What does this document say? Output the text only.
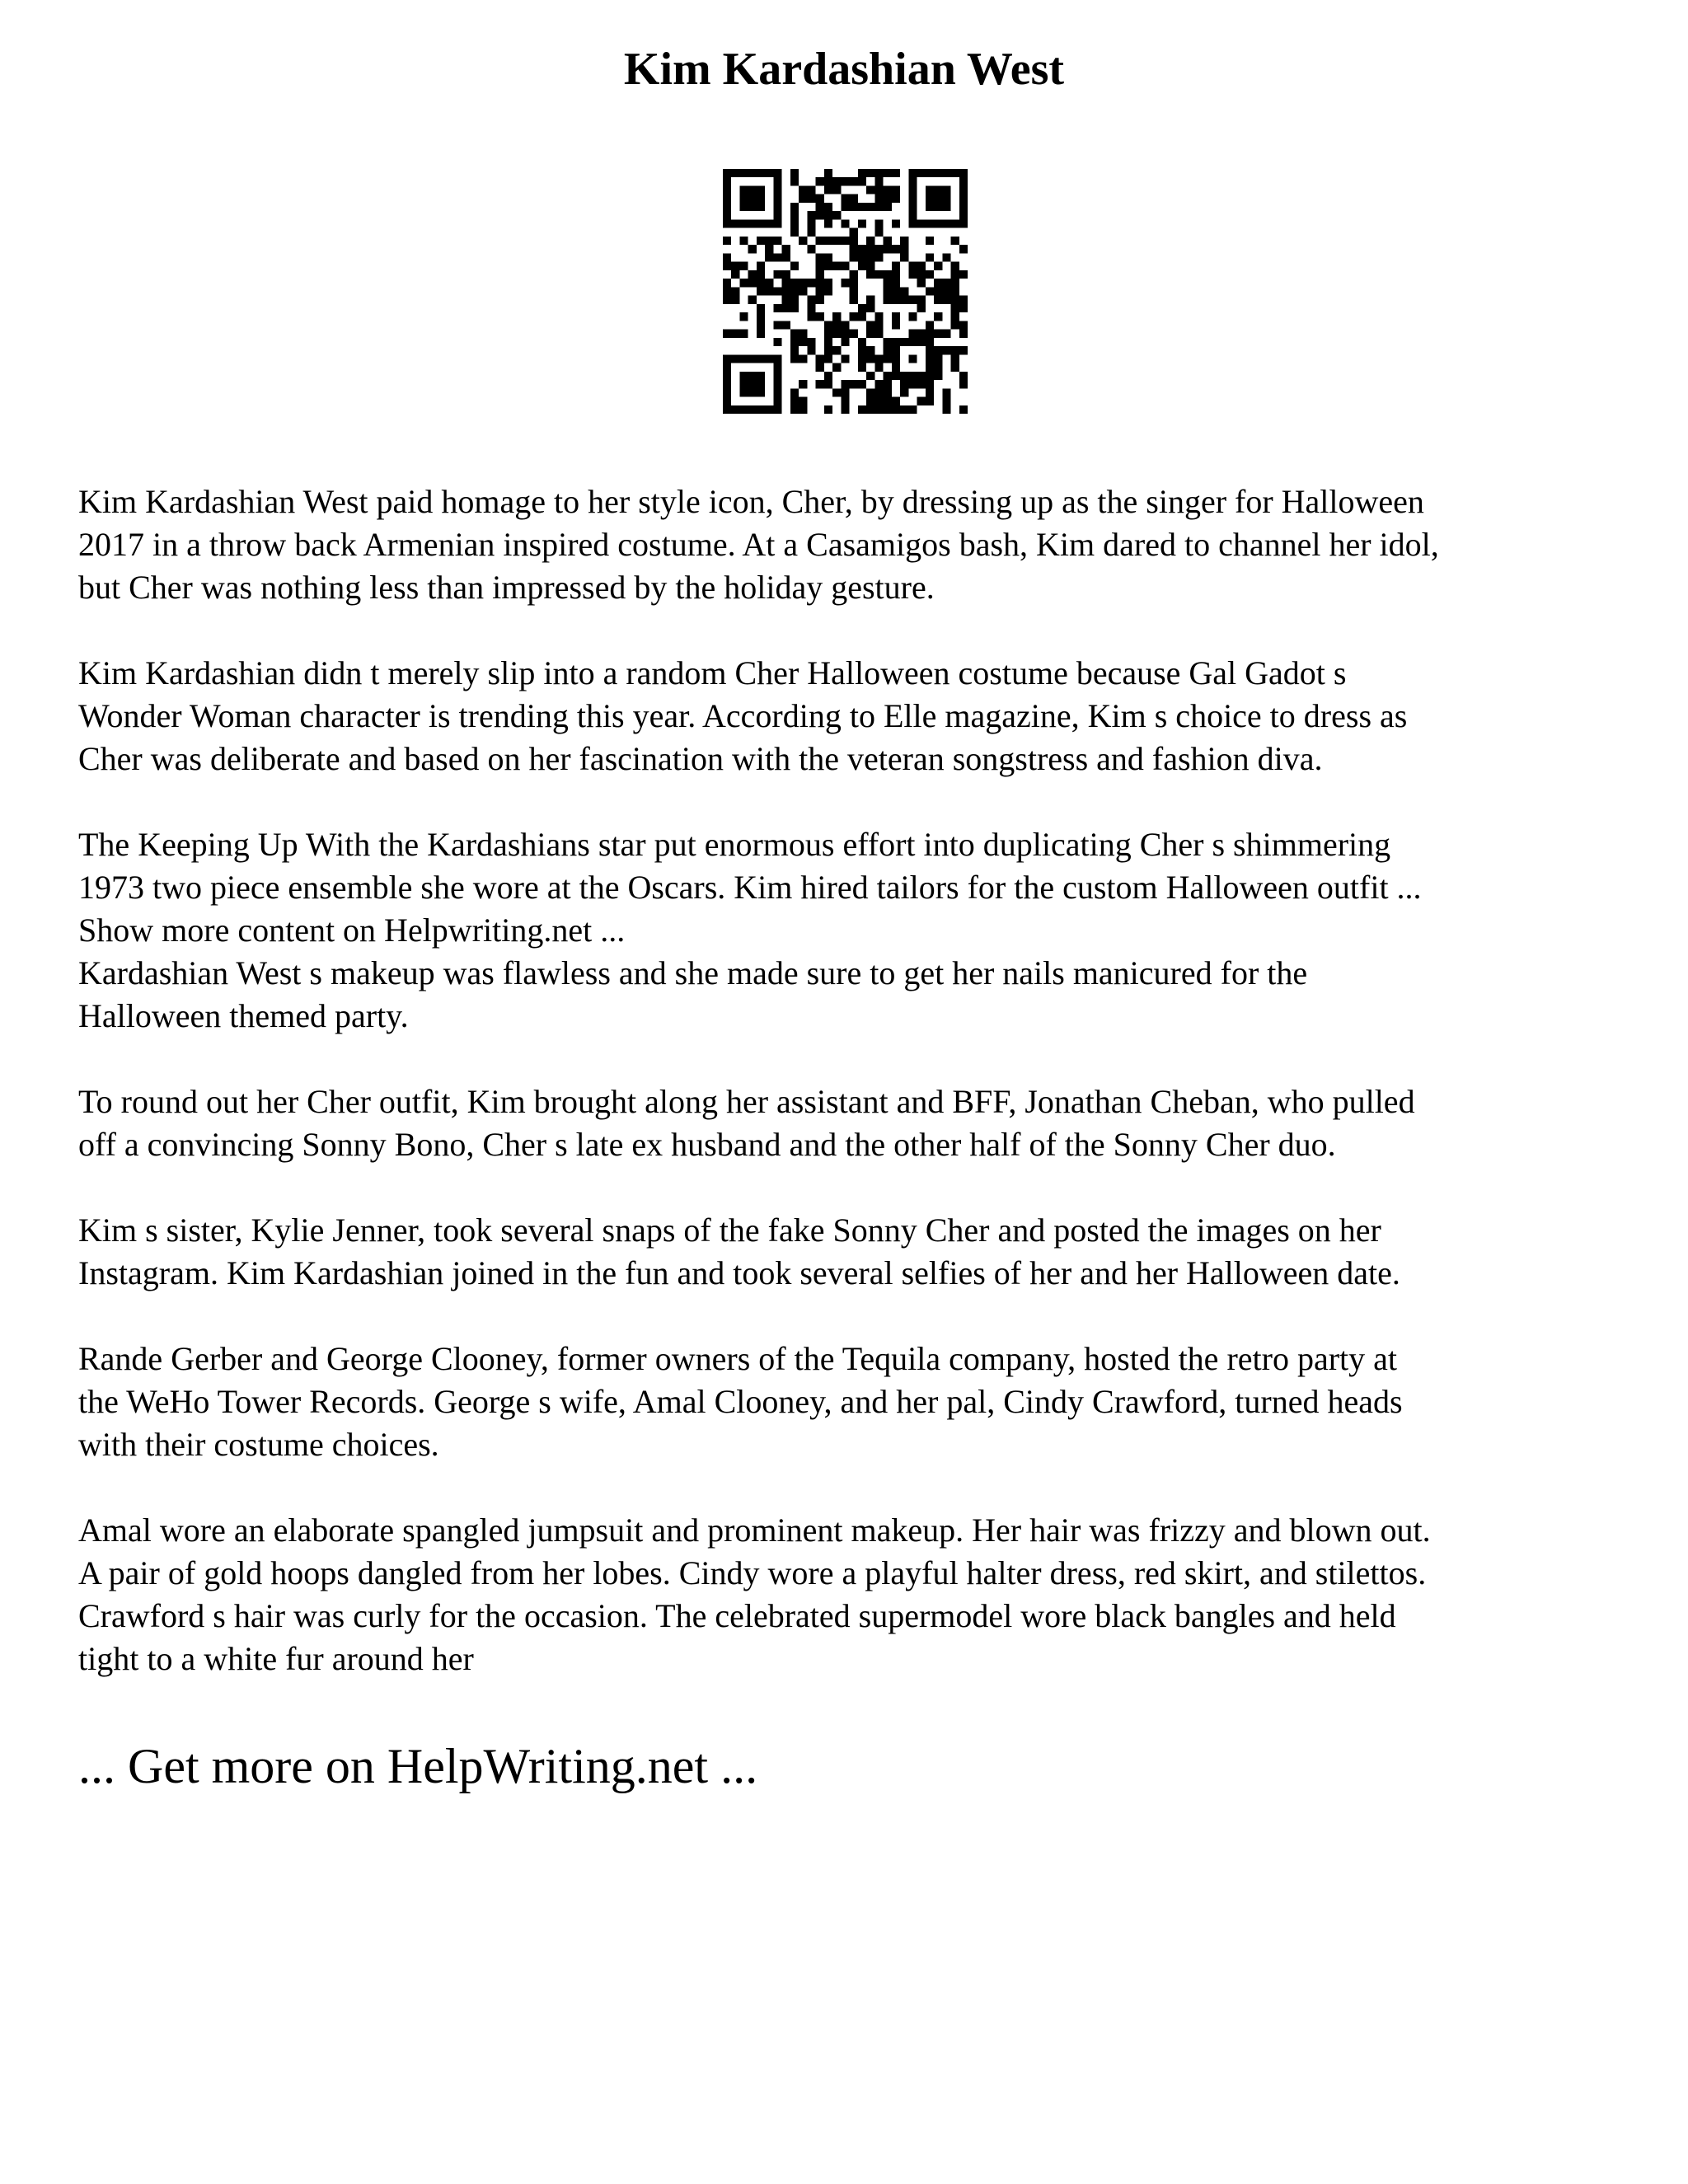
Kim Kardashian West

Kim Kardashian West paid homage to her style icon, Cher, by dressing up as the singer for Halloween
2017 in a throw back Armenian inspired costume. At a Casamigos bash, Kim dared to channel her idol,
but Cher was nothing less than impressed by the holiday gesture.

Kim Kardashian didn t merely slip into a random Cher Halloween costume because Gal Gadot s
Wonder Woman character is trending this year. According to Elle magazine, Kim s choice to dress as
Cher was deliberate and based on her fascination with the veteran songstress and fashion diva.

The Keeping Up With the Kardashians star put enormous effort into duplicating Cher s shimmering
1973 two piece ensemble she wore at the Oscars. Kim hired tailors for the custom Halloween outfit ...
Show more content on Helpwriting.net ...

Kardashian West s makeup was flawless and she made sure to get her nails manicured for the
Halloween themed party.

To round out her Cher outfit, Kim brought along her assistant and BFF, Jonathan Cheban, who pulled
off a convincing Sonny Bono, Cher s late ex husband and the other half of the Sonny Cher duo.

Kim s sister, Kylie Jenner, took several snaps of the fake Sonny Cher and posted the images on her
Instagram. Kim Kardashian joined in the fun and took several selfies of her and her Halloween date.

Rande Gerber and George Clooney, former owners of the Tequila company, hosted the retro party at
the WeHo Tower Records. George s wife, Amal Clooney, and her pal, Cindy Crawford, turned heads
with their costume choices.

Amal wore an elaborate spangled jumpsuit and prominent makeup. Her hair was frizzy and blown out.
A pair of gold hoops dangled from her lobes. Cindy wore a playful halter dress, red skirt, and stilettos.
Crawford s hair was curly for the occasion. The celebrated supermodel wore black bangles and held
tight to a white fur around her

... Get more on HelpWriting.net ...
